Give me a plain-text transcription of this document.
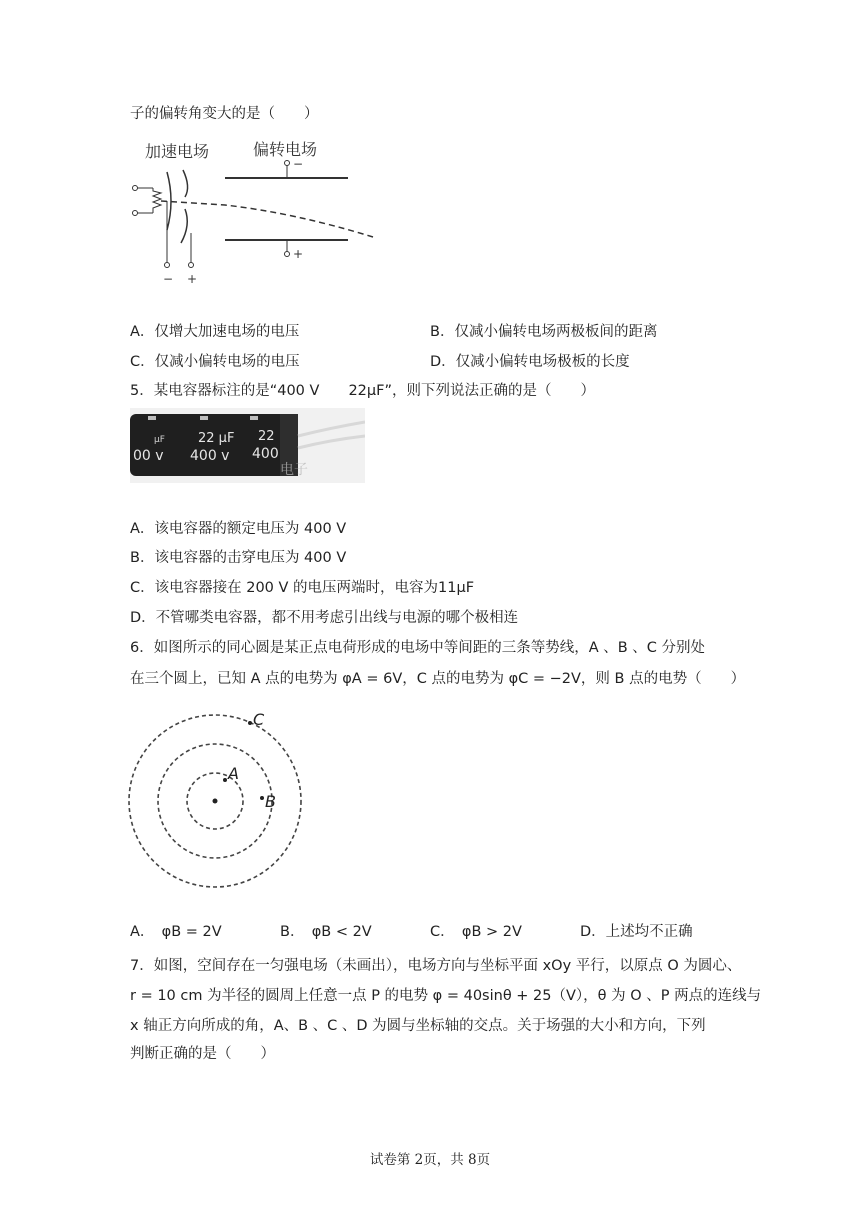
子的偏转角变大的是（　　）
加速电场	偏转电场
−
+
− +
A．仅增大加速电场的电压	B．仅减小偏转电场两极板间的距离
C．仅减小偏转电场的电压	D．仅减小偏转电场极板的长度
5．某电容器标注的是“400 V　　22μF”，则下列说法正确的是（　　）
μF	22 μF
400 v
00 v
22
400
电子
A．该电容器的额定电压为 400 V
B．该电容器的击穿电压为 400 V
C．该电容器接在 200 V 的电压两端时，电容为11μF
D．不管哪类电容器，都不用考虑引出线与电源的哪个极相连
6．如图所示的同心圆是某正点电荷形成的电场中等间距的三条等势线，A 、B 、C 分别处
在三个圆上，已知 A 点的电势为 φA = 6V，C 点的电势为 φC = −2V，则 B 点的电势（　　）
A
B
C
A．　φB = 2V	B．　φB < 2V	C．　φB > 2V	D．上述均不正确
7．如图，空间存在一匀强电场（未画出），电场方向与坐标平面 xOy 平行，以原点 O 为圆心、
r = 10 cm 为半径的圆周上任意一点 P 的电势 φ = 40sinθ + 25（V），θ 为 O 、P 两点的连线与
x 轴正方向所成的角，A、B 、C 、D 为圆与坐标轴的交点。关于场强的大小和方向，下列
判断正确的是（　　）
试卷第 2页，共 8页
